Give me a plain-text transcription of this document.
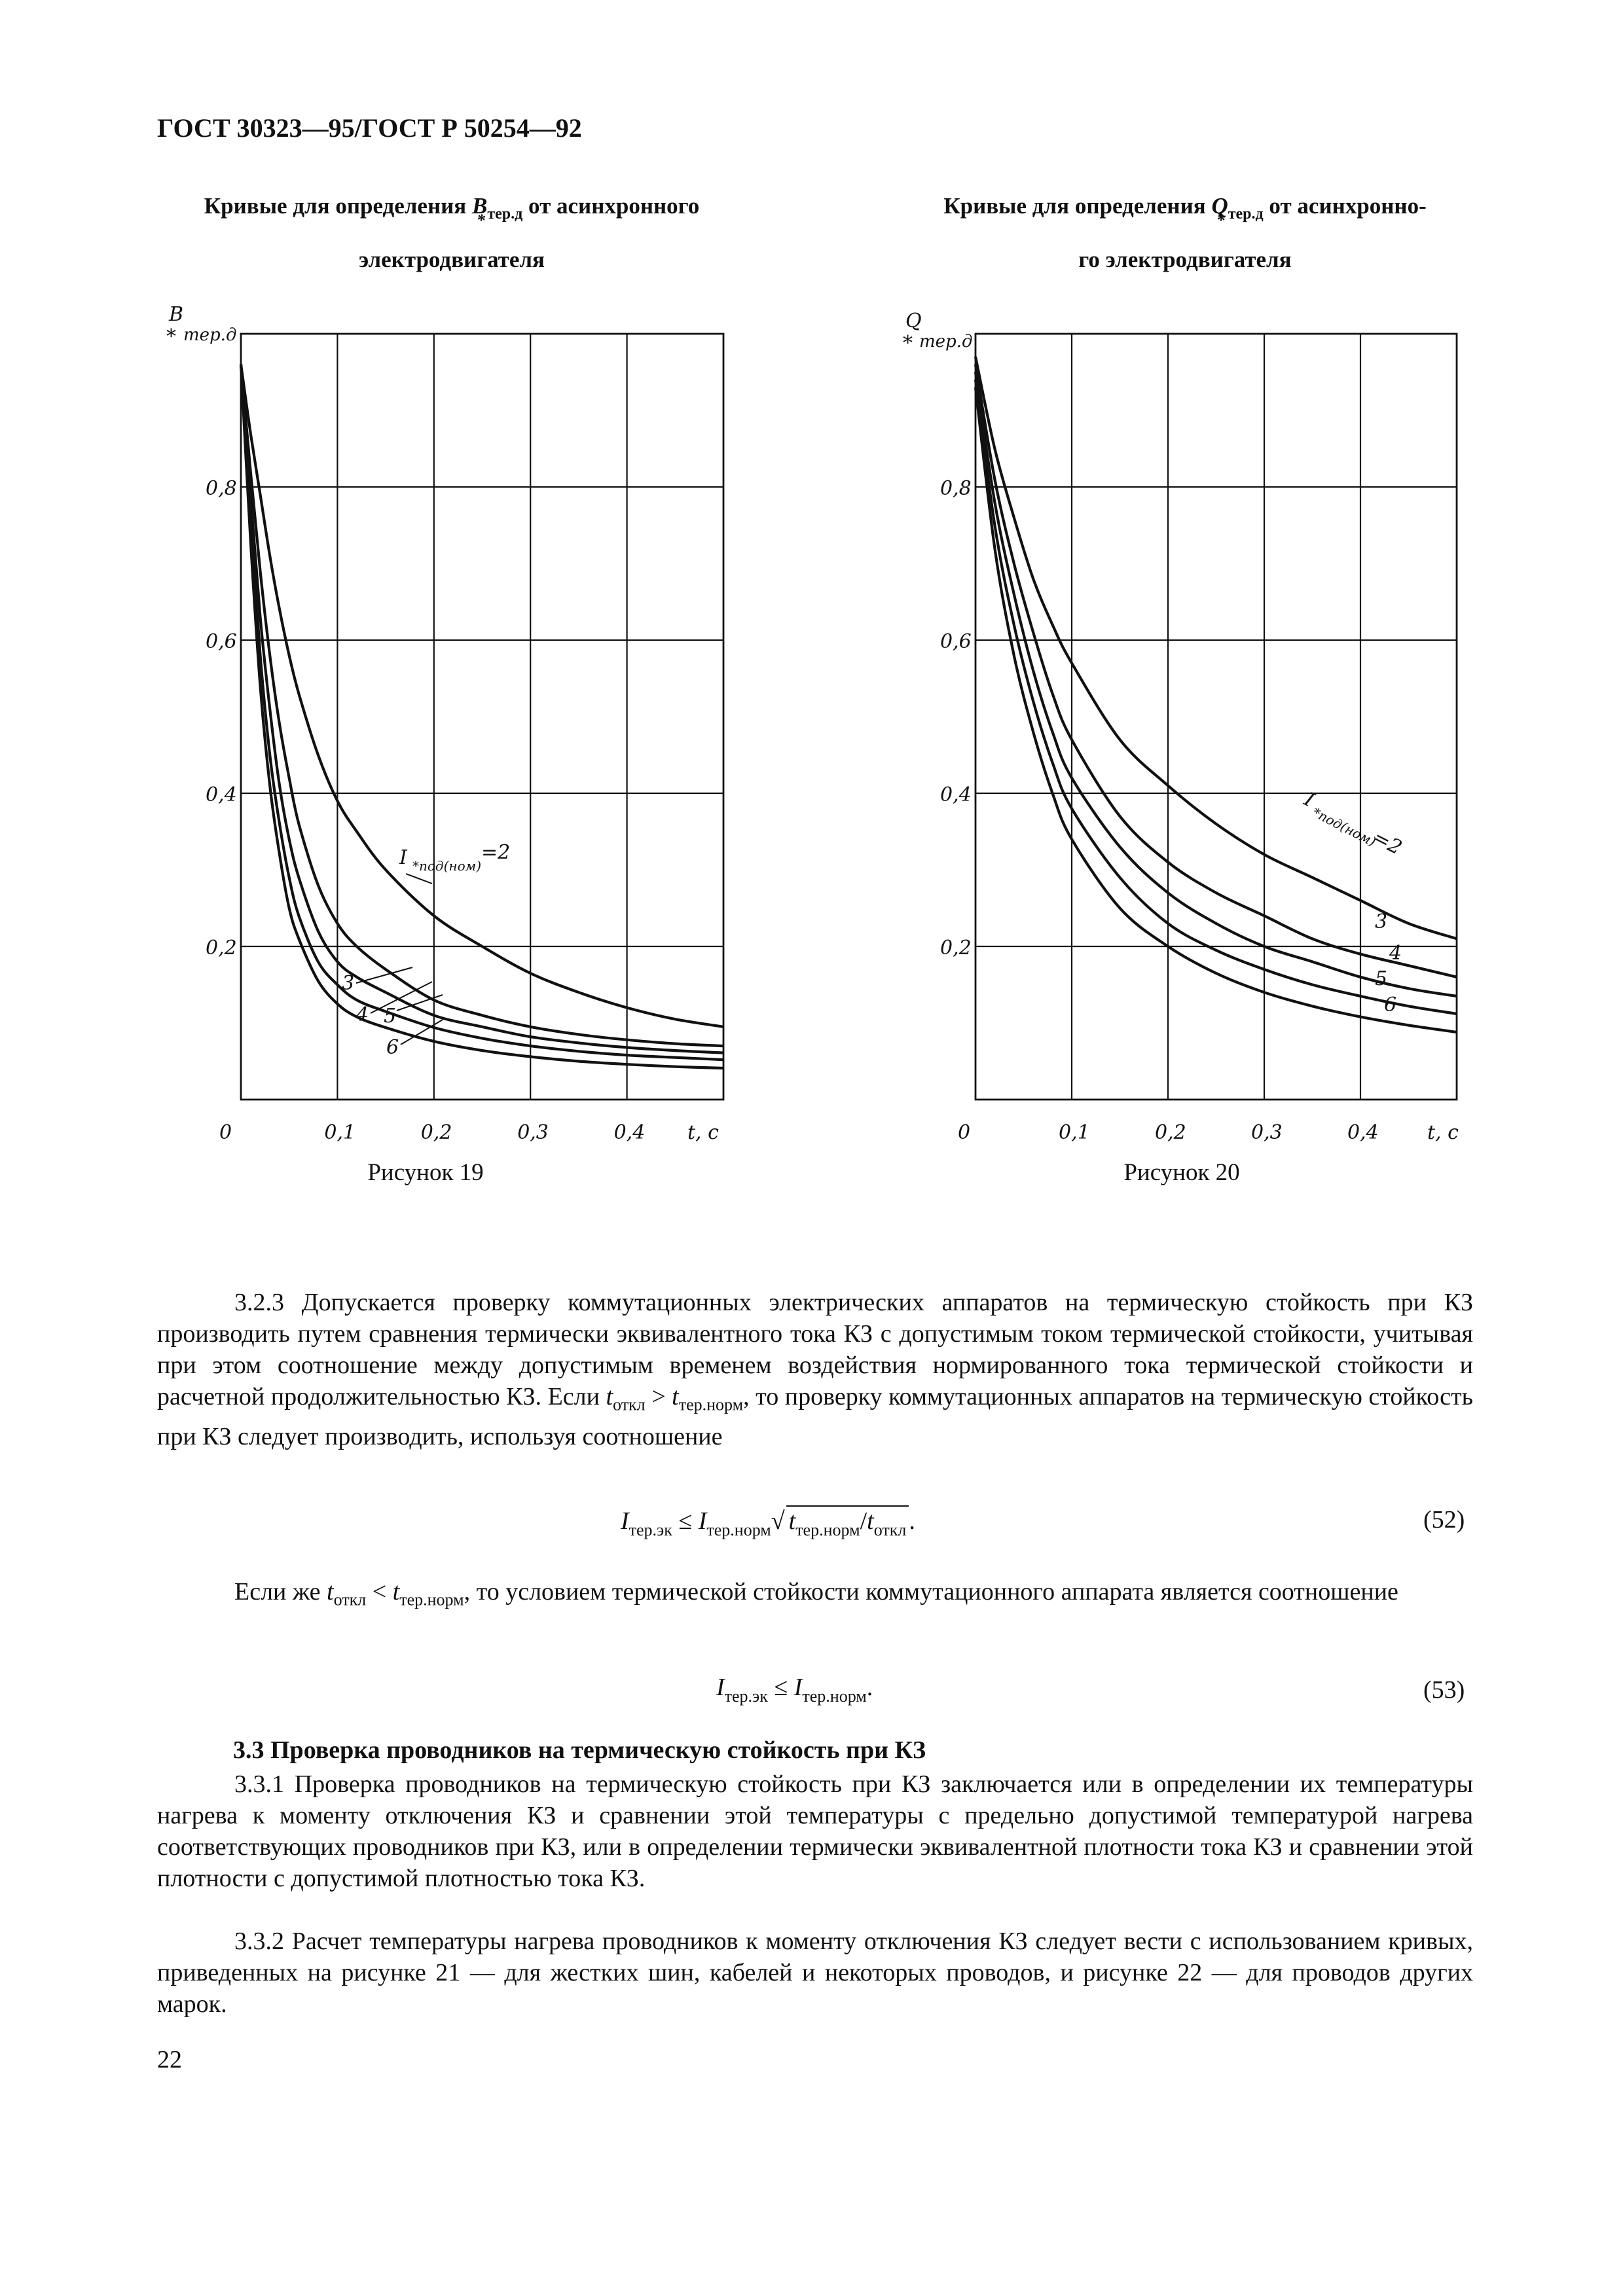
ГОСТ 30323—95/ГОСТ Р 50254—92
Кривые для определения B $*_{тер.д}$ от асинхронного
электродвигателя
Кривые для определения Q $*_{тер.д}$ от асинхронно-
го электродвигателя
B
* тер.д
0	t, c
0,1	0,2	0,3	0,4
0,8
0,6
0,4
0,2
I *под(ном)
=2
3
4 5
6
Q
* тер.д
0	t, c
0,1	0,2	0,3	0,4
0,8
0,6
0,4
0,2
I
*под(ном)
=2
3
4
5
6
Рисунок 19	Рисунок 20
3.2.3 Допускается проверку коммутационных электрических аппаратов на термическую стойкость при КЗ производить путем сравнения термически эквивалентного тока КЗ с допустимым током термической стойкости, учитывая при этом соотношение между допустимым временем воздействия нормированного тока термической стойкости и расчетной продолжительностью КЗ. Если $t_{откл} > t_{тер.норм}$, то проверку коммутационных аппаратов на термическую стойкость при КЗ следует производить, используя соотношение
$I_{тер.эк} \le I_{тер.норм}√$ $t_{тер.норм}/t_{откл}$ .	(52)
Если же $t_{откл} < t_{тер.норм}$, то условием термической стойкости коммутационного аппарата является соотношение
$I_{тер.эк} \le I_{тер.норм}$.	(53)
3.3 Проверка проводников на термическую стойкость при КЗ
3.3.1 Проверка проводников на термическую стойкость при КЗ заключается или в определении их температуры нагрева к моменту отключения КЗ и сравнении этой температуры с предельно допустимой температурой нагрева соответствующих проводников при КЗ, или в определении термически эквивалентной плотности тока КЗ и сравнении этой плотности с допустимой плотностью тока КЗ.
3.3.2 Расчет температуры нагрева проводников к моменту отключения КЗ следует вести с использованием кривых, приведенных на рисунке 21 — для жестких шин, кабелей и некоторых проводов, и рисунке 22 — для проводов других марок.
22
